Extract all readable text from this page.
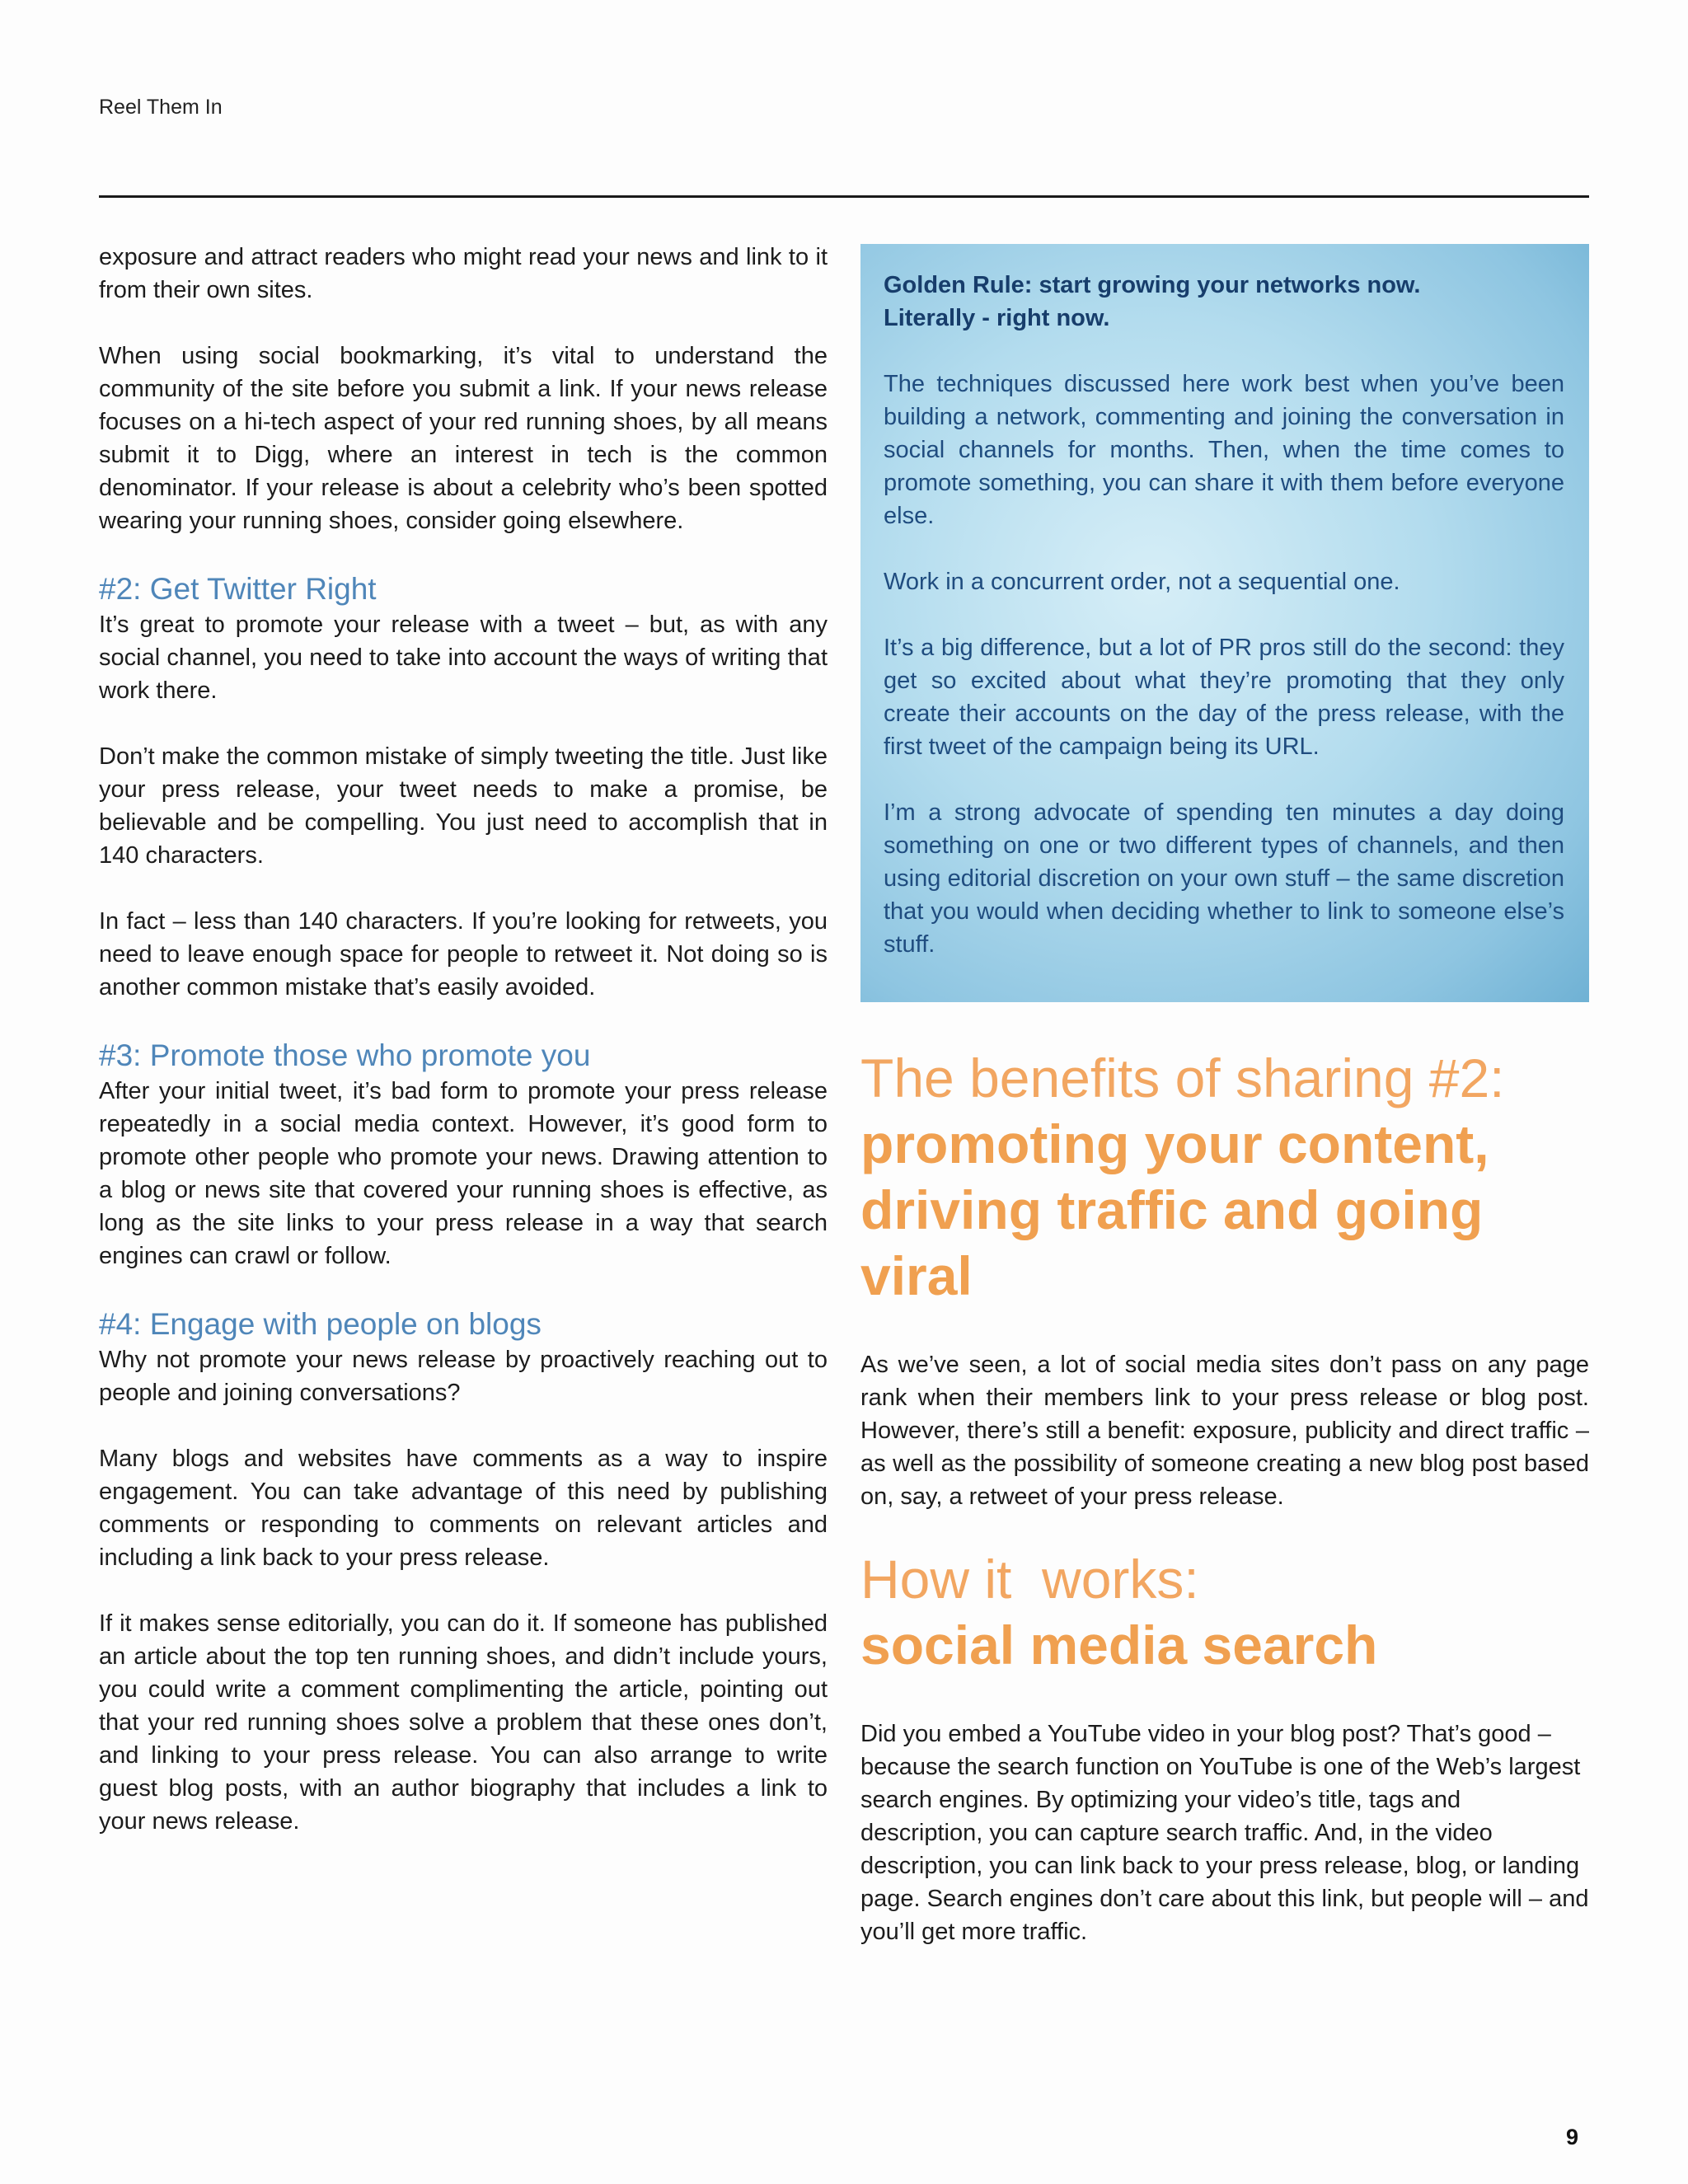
Reel Them In

exposure and attract readers who might read your news and link to it from their own sites.

When using social bookmarking, it’s vital to understand the community of the site before you submit a link. If your news release focuses on a hi-tech aspect of your red running shoes, by all means submit it to Digg, where an interest in tech is the common denominator. If your release is about a celebrity who’s been spotted wearing your running shoes, consider going elsewhere.

#2: Get Twitter Right

It’s great to promote your release with a tweet – but, as with any social channel, you need to take into account the ways of writing that work there.

Don’t make the common mistake of simply tweeting the title. Just like your press release, your tweet needs to make a promise, be believable and be compelling. You just need to accomplish that in 140 characters.

In fact – less than 140 characters. If you’re looking for retweets, you need to leave enough space for people to retweet it. Not doing so is another common mistake that’s easily avoided.

#3: Promote those who promote you

After your initial tweet, it’s bad form to promote your press release repeatedly in a social media context. However, it’s good form to promote other people who promote your news. Drawing attention to a blog or news site that covered your running shoes is effective, as long as the site links to your press release in a way that search engines can crawl or follow.

#4: Engage with people on blogs

Why not promote your news release by proactively reaching out to people and joining conversations?

Many blogs and websites have comments as a way to inspire engagement. You can take advantage of this need by publishing comments or responding to comments on relevant articles and including a link back to your press release.

If it makes sense editorially, you can do it. If someone has published an article about the top ten running shoes, and didn’t include yours, you could write a comment complimenting the article, pointing out that your red running shoes solve a problem that these ones don’t, and linking to your press release. You can also arrange to write guest blog posts, with an author biography that includes a link to your news release.

Golden Rule: start growing your networks now.
Literally - right now.

The techniques discussed here work best when you’ve been building a network, commenting and joining the conversation in social channels for months. Then, when the time comes to promote something, you can share it with them before everyone else.

Work in a concurrent order, not a sequential one.

It’s a big difference, but a lot of PR pros still do the second: they get so excited about what they’re promoting that they only create their accounts on the day of the press release, with the first tweet of the campaign being its URL.

I’m a strong advocate of spending ten minutes a day doing something on one or two different types of channels, and then using editorial discretion on your own stuff – the same discretion that you would when deciding whether to link to someone else’s stuff.

The benefits of sharing #2:
promoting your content,
driving traffic and going viral

As we’ve seen, a lot of social media sites don’t pass on any page rank when their members link to your press release or blog post. However, there’s still a benefit: exposure, publicity and direct traffic – as well as the possibility of someone creating a new blog post based on, say, a retweet of your press release.

How it  works:
social media search

Did you embed a YouTube video in your blog post? That’s good – because the search function on YouTube is one of the Web’s largest search engines. By optimizing your video’s title, tags and description, you can capture search traffic. And, in the video description, you can link back to your press release, blog, or landing page. Search engines don’t care about this link, but people will – and you’ll get more traffic.

9
